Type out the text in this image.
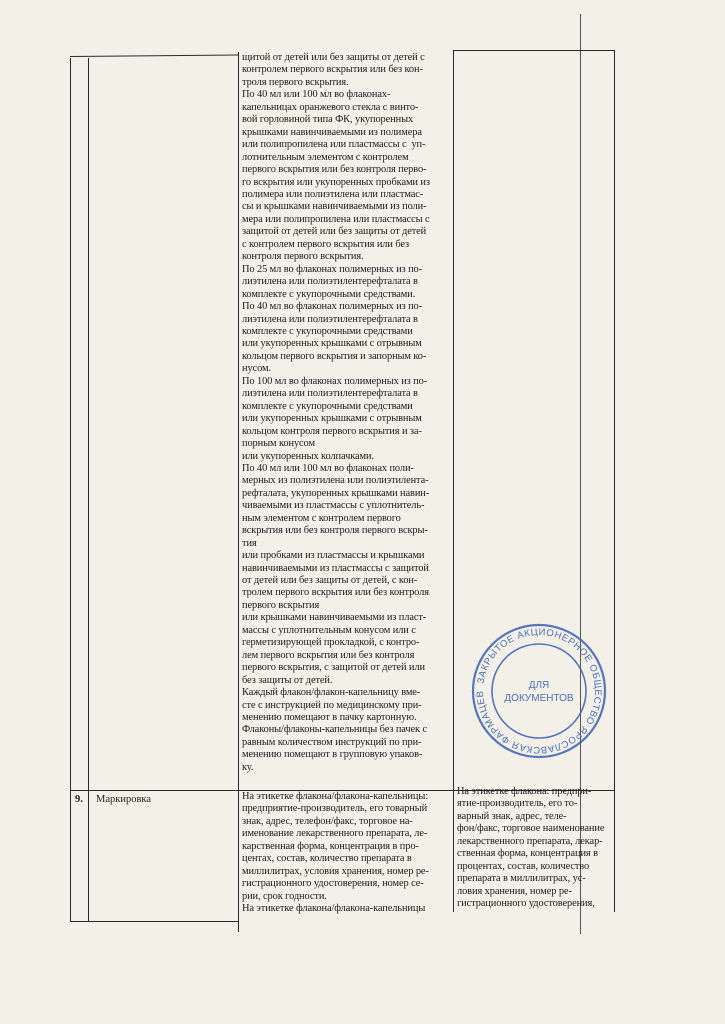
щитой от детей или без защиты от детей с
контролем первого вскрытия или без кон-
троля первого вскрытия.
По 40 мл или 100 мл во флаконах-
капельницах оранжевого стекла с винто-
вой горловиной типа ФК, укупоренных
крышками навинчиваемыми из полимера
или полипропилена или пластмассы с  уп-
лотнительным элементом с контролем
первого вскрытия или без контроля перво-
го вскрытия или укупоренных пробками из
полимера или полиэтилена или пластмас-
сы и крышками навинчиваемыми из поли-
мера или полипропилена или пластмассы с
защитой от детей или без защиты от детей
с контролем первого вскрытия или без
контроля первого вскрытия.
По 25 мл во флаконах полимерных из по-
лиэтилена или полиэтилентерефталата в
комплекте с укупорочными средствами.
По 40 мл во флаконах полимерных из по-
лиэтилена или полиэтилентерефталата в
комплекте с укупорочными средствами
или укупоренных крышками с отрывным
кольцом первого вскрытия и запорным ко-
нусом.
По 100 мл во флаконах полимерных из по-
лиэтилена или полиэтилентерефталата в
комплекте с укупорочными средствами
или укупоренных крышками с отрывным
кольцом контроля первого вскрытия и за-
порным конусом
или укупоренных колпачками.
По 40 мл или 100 мл во флаконах поли-
мерных из полиэтилена или полиэтилента-
рефталата, укупоренных крышками навин-
чиваемыми из пластмассы с уплотнитель-
ным элементом с контролем первого
вскрытия или без контроля первого вскры-
тия
или пробками из пластмассы и крышками
навинчиваемыми из пластмассы с защитой
от детей или без защиты от детей, с кон-
тролем первого вскрытия или без контроля
первого вскрытия
или крышками навинчиваемыми из пласт-
массы с уплотнительным конусом или с
герметизирующей прокладкой, с контро-
лем первого вскрытия или без контроля
первого вскрытия, с защитой от детей или
без защиты от детей.
Каждый флакон/флакон-капельницу вме-
сте с инструкцией по медицинскому при-
менению помещают в пачку картонную.
Флаконы/флаконы-капельницы без пачек с
равным количеством инструкций по при-
менению помещают в групповую упаков-
ку.
9. Маркировка	На этикетке флакона/флакона-капельницы:
предприятие-производитель, его товарный
знак, адрес, телефон/факс, торговое на-
именование лекарственного препарата, ле-
карственная форма, концентрация в про-
центах, состав, количество препарата в
миллилитрах, условия хранения, номер ре-
гистрационного удостоверения, номер се-
рии, срок годности.
На этикетке флакона/флакона-капельницы
На этикетке флакона: предпри-
ятие-производитель, его то-
варный знак, адрес, теле-
фон/факс, торговое наименование
лекарственного препарата, лекар-
ственная форма, концентрация в
процентах, состав, количество
препарата в миллилитрах, ус-
ловия хранения, номер ре-
гистрационного удостоверения,
ЗАКРЫТОЕ АКЦИОНЕРНОЕ ОБЩЕСТВО ЯРОСЛАВСКАЯ ФАРМАЦЕВ
ДЛЯ
ДОКУМЕНТОВ
